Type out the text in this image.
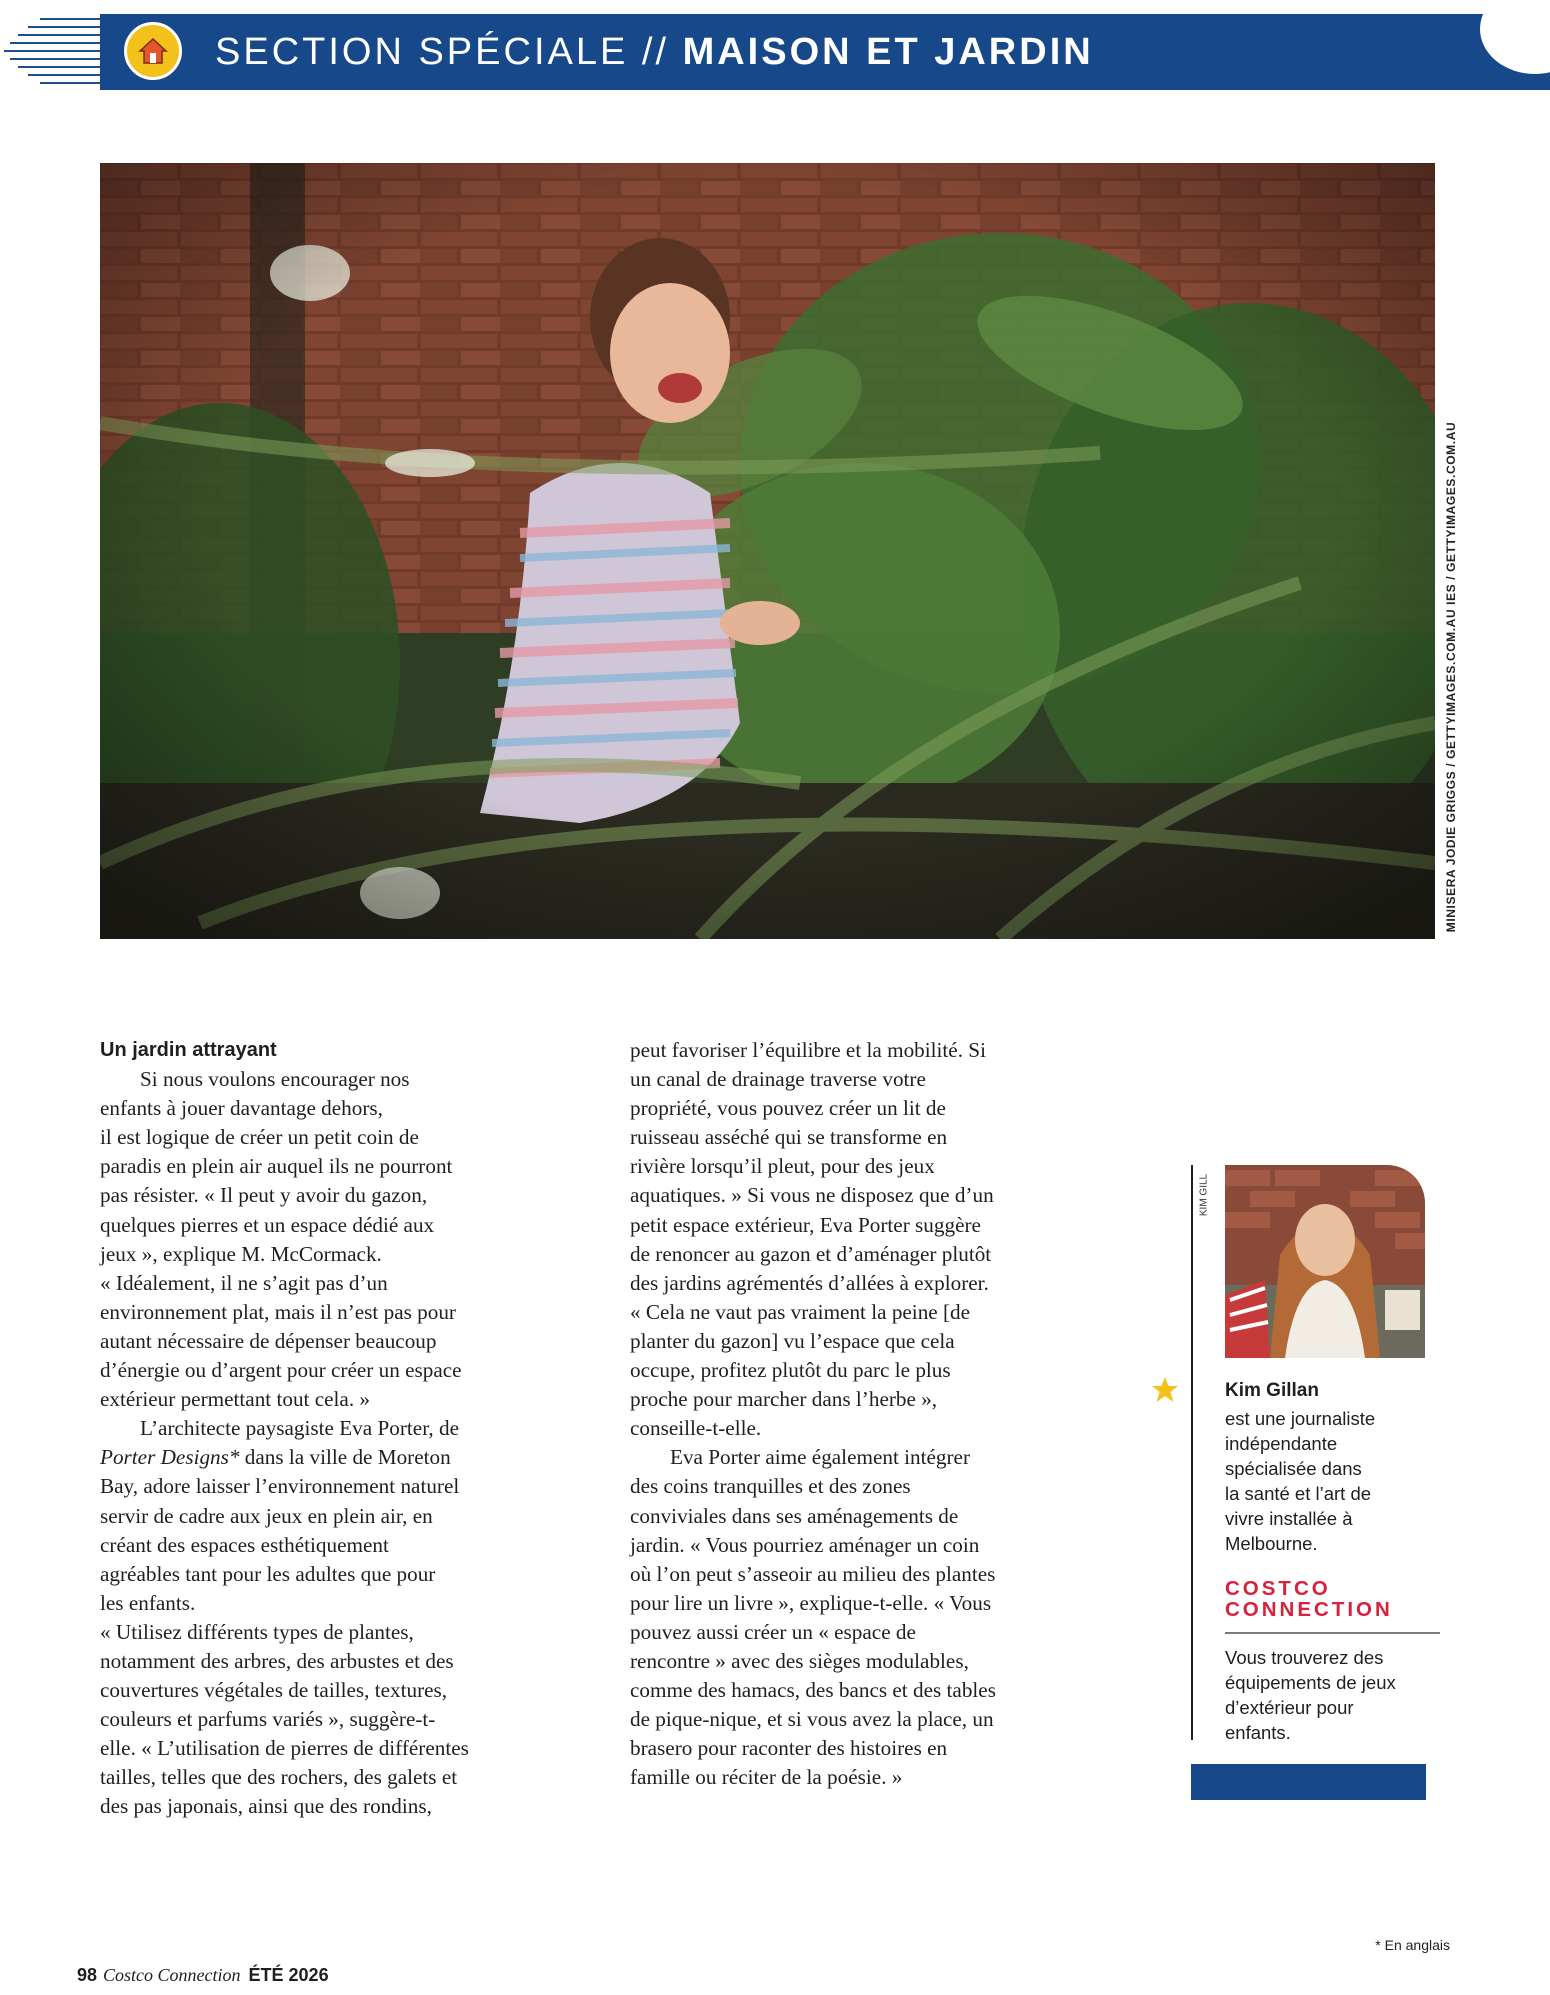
SECTION SPÉCIALE // MAISON ET JARDIN
MINISERA JODIE GRIGGS / GETTYIMAGES.COM.AU IES / GETTYIMAGES.COM.AU

Un jardin attrayant

Si nous voulons encourager nos
enfants à jouer davantage dehors,
il est logique de créer un petit coin de
paradis en plein air auquel ils ne pourront
pas résister. « Il peut y avoir du gazon,
quelques pierres et un espace dédié aux
jeux », explique M. McCormack.
« Idéalement, il ne s’agit pas d’un
environnement plat, mais il n’est pas pour
autant nécessaire de dépenser beaucoup
d’énergie ou d’argent pour créer un espace
extérieur permettant tout cela. »

L’architecte paysagiste Eva Porter, de
Porter Designs* dans la ville de Moreton
Bay, adore laisser l’environnement naturel
servir de cadre aux jeux en plein air, en
créant des espaces esthétiquement
agréables tant pour les adultes que pour
les enfants.
« Utilisez différents types de plantes,
notamment des arbres, des arbustes et des
couvertures végétales de tailles, textures,
couleurs et parfums variés », suggère-t-
elle. « L’utilisation de pierres de différentes
tailles, telles que des rochers, des galets et
des pas japonais, ainsi que des rondins,

peut favoriser l’équilibre et la mobilité. Si
un canal de drainage traverse votre
propriété, vous pouvez créer un lit de
ruisseau asséché qui se transforme en
rivière lorsqu’il pleut, pour des jeux
aquatiques. » Si vous ne disposez que d’un
petit espace extérieur, Eva Porter suggère
de renoncer au gazon et d’aménager plutôt
des jardins agrémentés d’allées à explorer.
« Cela ne vaut pas vraiment la peine [de
planter du gazon] vu l’espace que cela
occupe, profitez plutôt du parc le plus
proche pour marcher dans l’herbe »,
conseille-t-elle.

Eva Porter aime également intégrer
des coins tranquilles et des zones
conviviales dans ses aménagements de
jardin. « Vous pourriez aménager un coin
où l’on peut s’asseoir au milieu des plantes
pour lire un livre », explique-t-elle. « Vous
pouvez aussi créer un « espace de
rencontre » avec des sièges modulables,
comme des hamacs, des bancs et des tables
de pique-nique, et si vous avez la place, un
brasero pour raconter des histoires en
famille ou réciter de la poésie. »

KIM GILL
Kim Gillan

est une journaliste
indépendante
spécialisée dans
la santé et l’art de
vivre installée à
Melbourne.

COSTCO
CONNECTION

Vous trouverez des
équipements de jeux
d’extérieur pour
enfants.

* En anglais
98 Costco Connection ÉTÉ 2026
